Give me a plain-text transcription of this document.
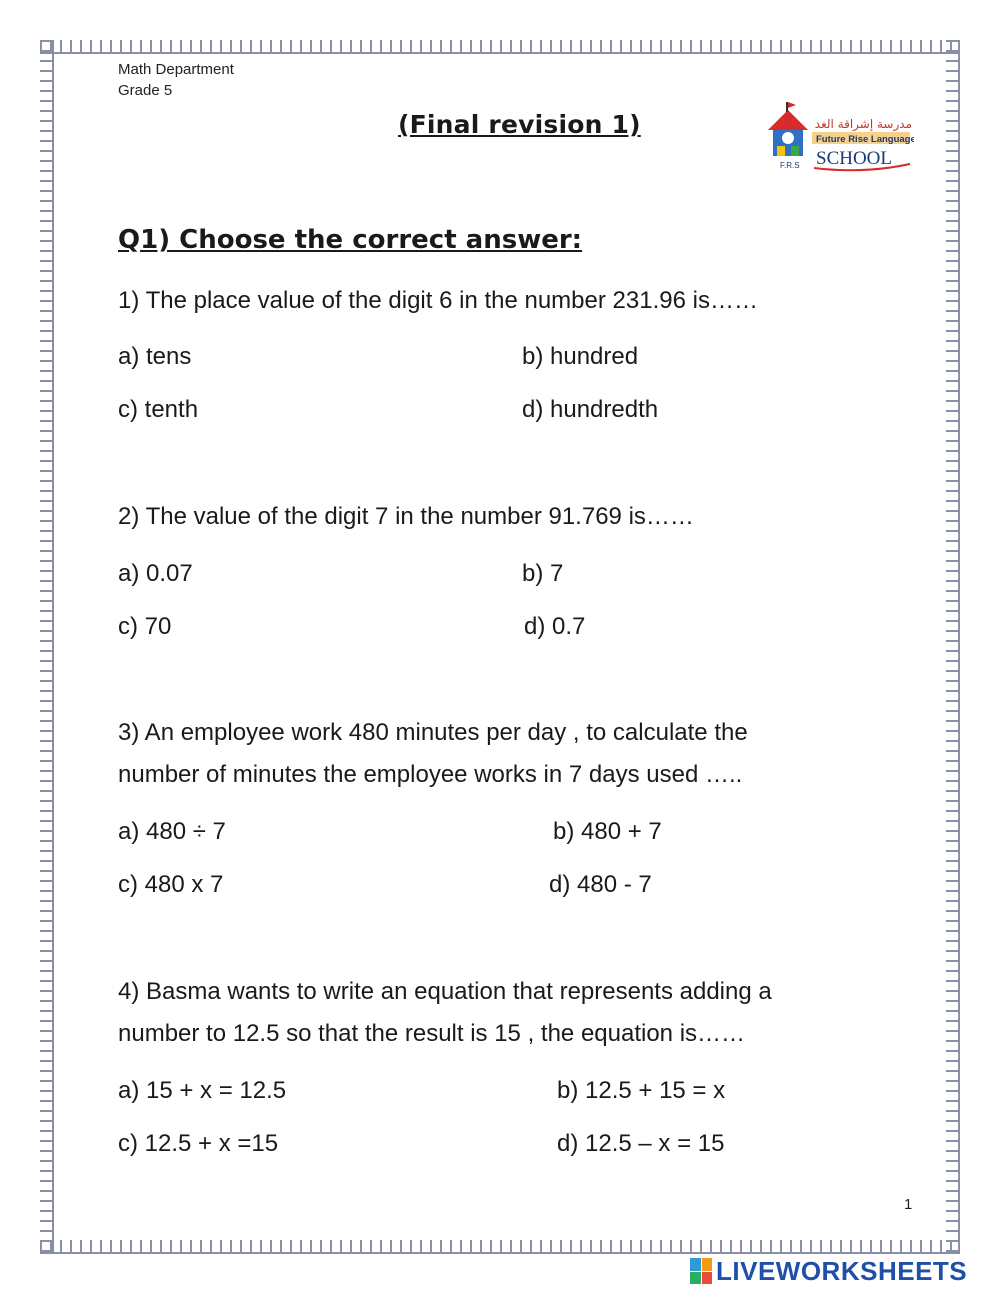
Math Department
Grade 5
(Final revision 1)	مدرسة إشراقة الغد
Future Rise Language
F.R.S SCHOOL
Q1) Choose the correct answer:
1) The place value of the digit 6 in the number 231.96 is……
a) tens	b) hundred
c) tenth	d) hundredth
2) The value of the digit 7 in the number 91.769 is……
a) 0.07	b) 7
c) 70	d) 0.7
3) An employee work 480 minutes per day , to calculate the
number of minutes the employee works in 7 days used …..
a) 480 ÷ 7	b) 480 + 7
c) 480 x 7	d) 480 - 7
4) Basma wants to write an equation that represents adding a
number to 12.5 so that the result is 15 , the equation is……
a) 15 + x = 12.5	b) 12.5 + 15 = x
c) 12.5 + x =15	d) 12.5 – x = 15
1
LIVEWORKSHEETS
